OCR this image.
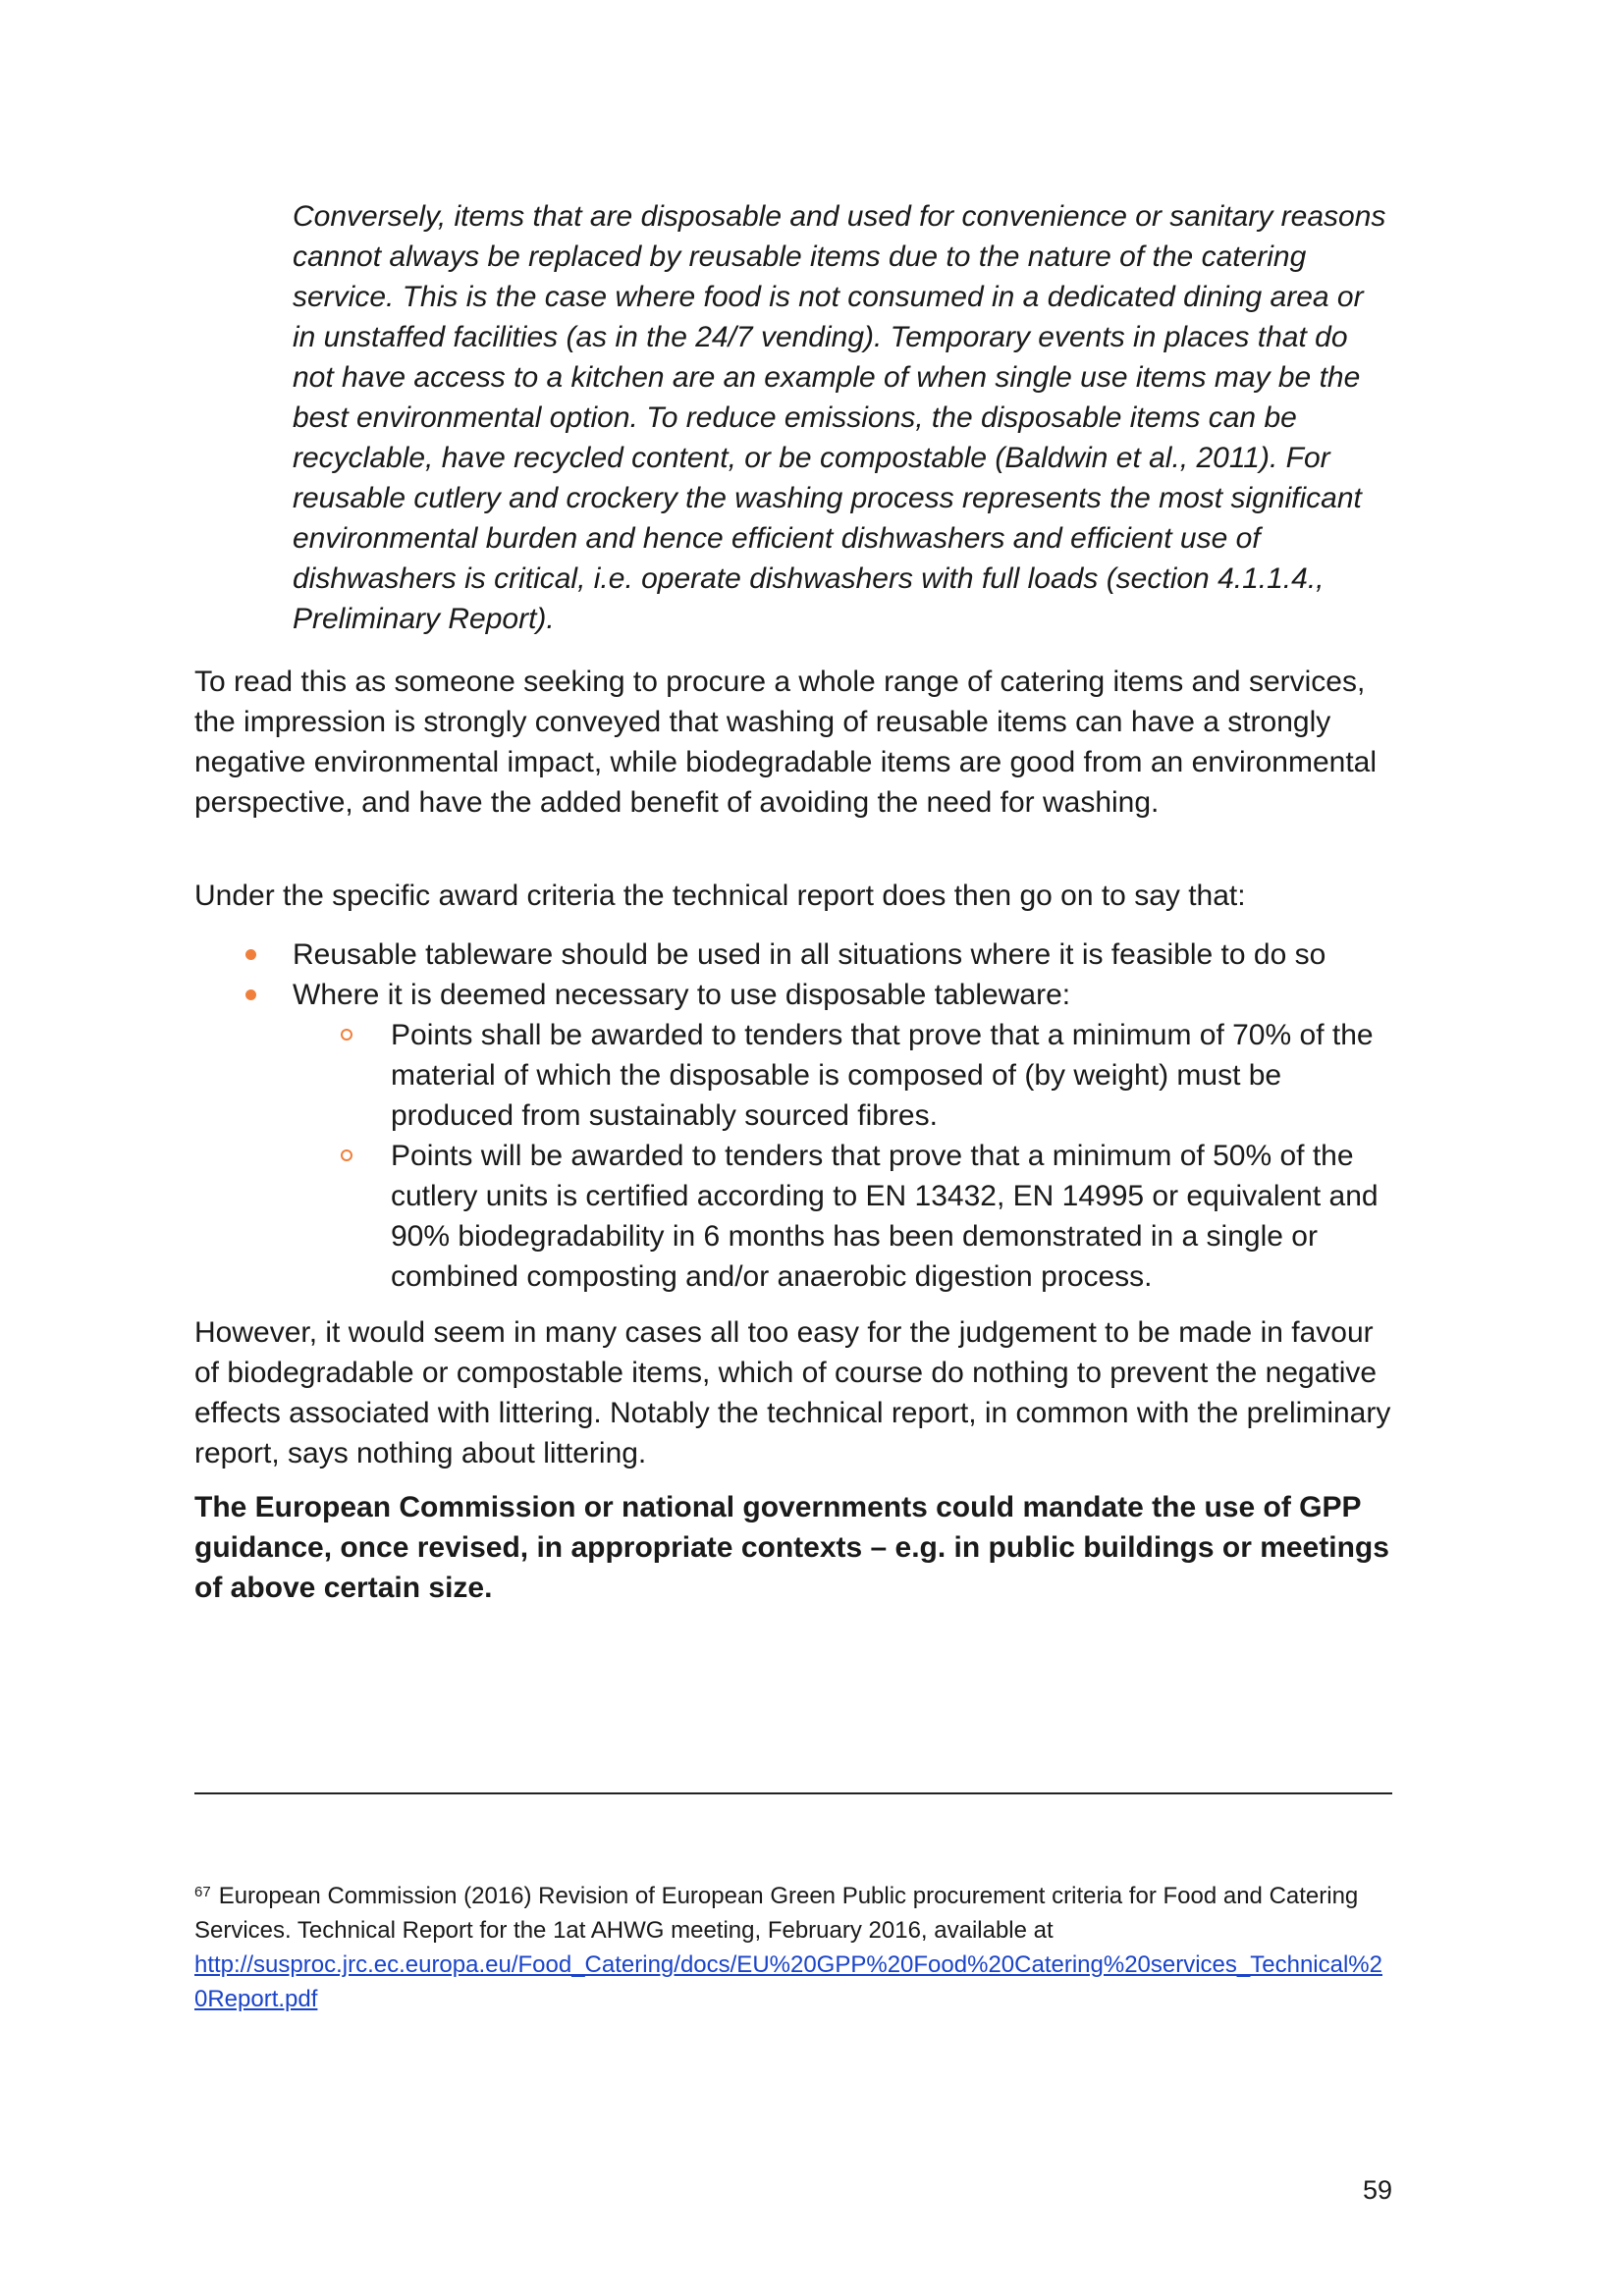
Conversely, items that are disposable and used for convenience or sanitary reasons cannot always be replaced by reusable items due to the nature of the catering service. This is the case where food is not consumed in a dedicated dining area or in unstaffed facilities (as in the 24/7 vending). Temporary events in places that do not have access to a kitchen are an example of when single use items may be the best environmental option. To reduce emissions, the disposable items can be recyclable, have recycled content, or be compostable (Baldwin et al., 2011). For reusable cutlery and crockery the washing process represents the most significant environmental burden and hence efficient dishwashers and efficient use of dishwashers is critical, i.e. operate dishwashers with full loads (section 4.1.1.4., Preliminary Report).

To read this as someone seeking to procure a whole range of catering items and services, the impression is strongly conveyed that washing of reusable items can have a strongly negative environmental impact, while biodegradable items are good from an environmental perspective, and have the added benefit of avoiding the need for washing.

Under the specific award criteria the technical report does then go on to say that:

Reusable tableware should be used in all situations where it is feasible to do so
Where it is deemed necessary to use disposable tableware:
Points shall be awarded to tenders that prove that a minimum of 70% of the material of which the disposable is composed of (by weight) must be produced from sustainably sourced fibres.
Points will be awarded to tenders that prove that a minimum of 50% of the cutlery units is certified according to EN 13432, EN 14995 or equivalent and 90% biodegradability in 6 months has been demonstrated in a single or combined composting and/or anaerobic digestion process.

However, it would seem in many cases all too easy for the judgement to be made in favour of biodegradable or compostable items, which of course do nothing to prevent the negative effects associated with littering. Notably the technical report, in common with the preliminary report, says nothing about littering.

The European Commission or national governments could mandate the use of GPP guidance, once revised, in appropriate contexts – e.g. in public buildings or meetings of above certain size.

$^{67}$ European Commission (2016) Revision of European Green Public procurement criteria for Food and Catering Services. Technical Report for the 1at AHWG meeting, February 2016, available at
http://susproc.jrc.ec.europa.eu/Food_Catering/docs/EU%20GPP%20Food%20Catering%20services_Technical%20Report.pdf

59
